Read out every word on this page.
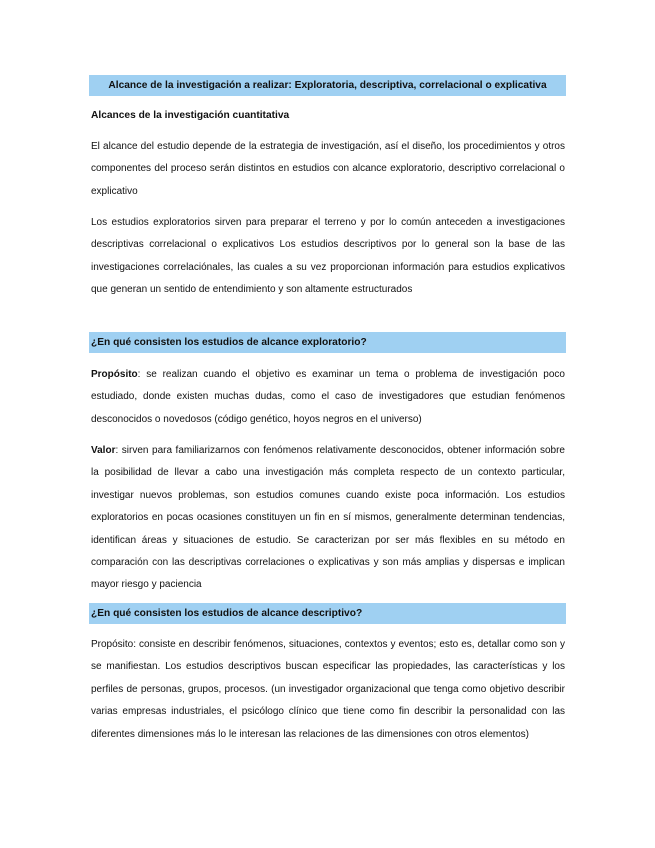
Alcance de la investigación a realizar: Exploratoria, descriptiva, correlacional o explicativa
Alcances de la investigación cuantitativa

El alcance del estudio depende de la estrategia de investigación, así el diseño, los procedimientos y otros componentes del proceso serán distintos en estudios con alcance exploratorio, descriptivo correlacional o explicativo

Los estudios exploratorios sirven para preparar el terreno y por lo común anteceden a investigaciones descriptivas correlacional o explicativos Los estudios descriptivos por lo general son la base de las investigaciones correlaciónales, las cuales a su vez proporcionan información para estudios explicativos que generan un sentido de entendimiento y son altamente estructurados

¿En qué consisten los estudios de alcance exploratorio?

Propósito: se realizan cuando el objetivo es examinar un tema o problema de investigación poco estudiado, donde existen muchas dudas, como el caso de investigadores que estudian fenómenos desconocidos o novedosos (código genético, hoyos negros en el universo)

Valor: sirven para familiarizarnos con fenómenos relativamente desconocidos, obtener información sobre la posibilidad de llevar a cabo una investigación más completa respecto de un contexto particular, investigar nuevos problemas, son estudios comunes cuando existe poca información. Los estudios exploratorios en pocas ocasiones constituyen un fin en sí mismos, generalmente determinan tendencias, identifican áreas y situaciones de estudio. Se caracterizan por ser más flexibles en su método en comparación con las descriptivas correlaciones o explicativas y son más amplias y dispersas e implican mayor riesgo y paciencia

¿En qué consisten los estudios de alcance descriptivo?

Propósito: consiste en describir fenómenos, situaciones, contextos y eventos; esto es, detallar como son y se manifiestan. Los estudios descriptivos buscan especificar las propiedades, las características y los perfiles de personas, grupos, procesos. (un investigador organizacional que tenga como objetivo describir varias empresas industriales, el psicólogo clínico que tiene como fin describir la personalidad con las diferentes dimensiones más lo le interesan las relaciones de las dimensiones con otros elementos)
